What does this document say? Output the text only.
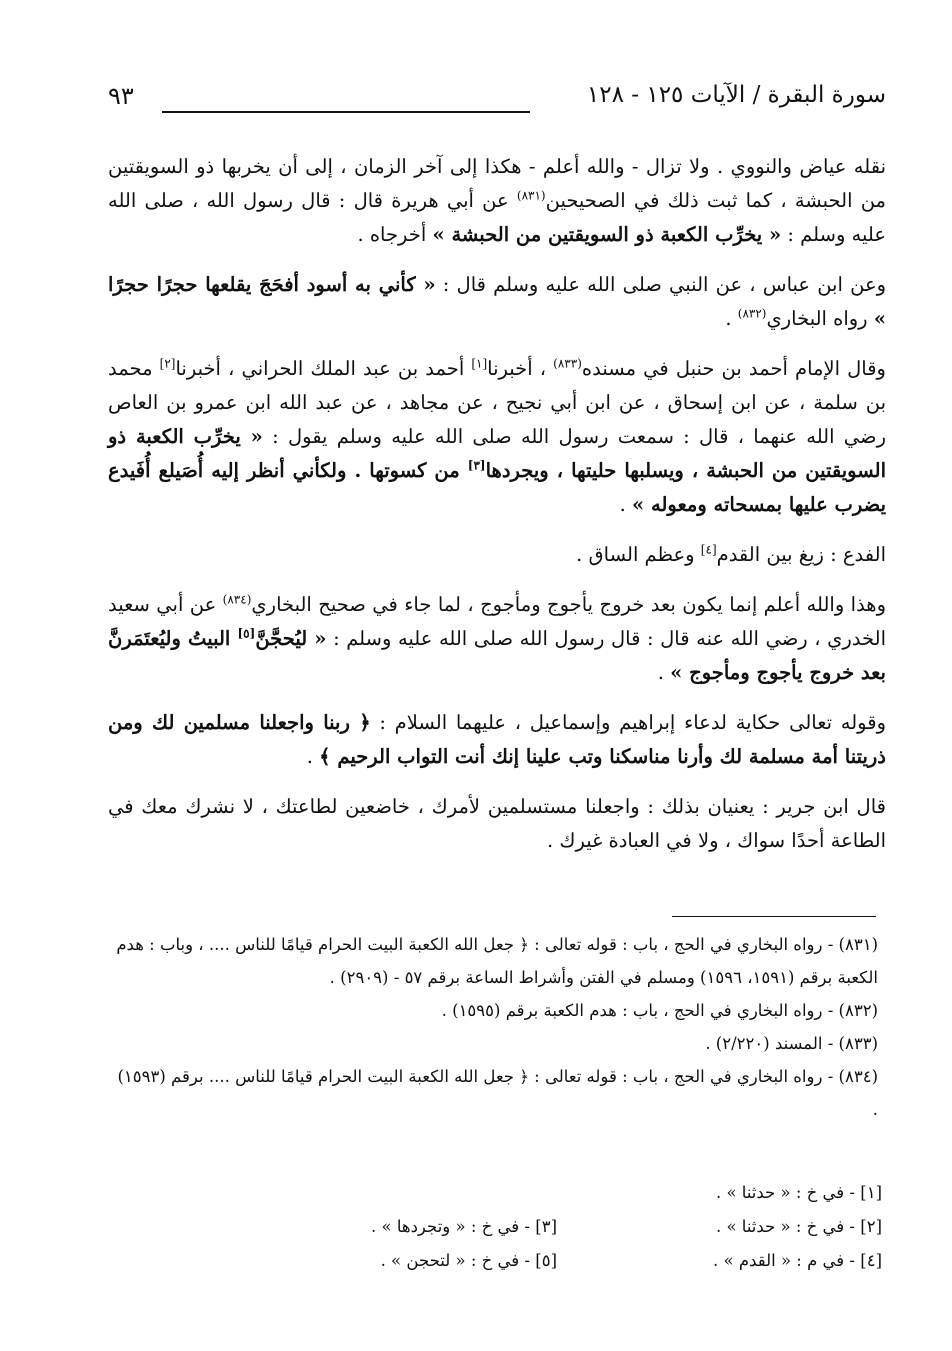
سورة البقرة / الآيات ١٢٥ - ١٢٨
٩٣

نقله عياض والنووي . ولا تزال - والله أعلم - هكذا إلى آخر الزمان ، إلى أن يخربها ذو السويقتين من الحبشة ، كما ثبت ذلك في الصحيحين$^{(٨٣١)}$ عن أبي هريرة قال : قال رسول الله ، صلى الله عليه وسلم : « يخرِّب الكعبة ذو السويقتين من الحبشة » أخرجاه .

وعن ابن عباس ، عن النبي صلى الله عليه وسلم قال : « كأني به أسود أفحَجَ يقلعها حجرًا حجرًا » رواه البخاري$^{(٨٣٢)}$ .

وقال الإمام أحمد بن حنبل في مسنده$^{(٨٣٣)}$ ، أخبرنا[١] أحمد بن عبد الملك الحراني ، أخبرنا[٢] محمد بن سلمة ، عن ابن إسحاق ، عن ابن أبي نجيح ، عن مجاهد ، عن عبد الله ابن عمرو بن العاص رضي الله عنهما ، قال : سمعت رسول الله صلى الله عليه وسلم يقول : « يخرِّب الكعبة ذو السويقتين من الحبشة ، ويسلبها حليتها ، ويجردها[٣] من كسوتها . ولكأني أنظر إليه أُصَيلع أُفَيدع يضرب عليها بمسحاته ومعوله » .

الفدع : زيغ بين القدم[٤] وعظم الساق .

وهذا والله أعلم إنما يكون بعد خروج يأجوج ومأجوج ، لما جاء في صحيح البخاري$^{(٨٣٤)}$ عن أبي سعيد الخدري ، رضي الله عنه قال : قال رسول الله صلى الله عليه وسلم : « ليُحجَّنَّ[٥] البيتُ وليُعتَمَرنَّ بعد خروج يأجوج ومأجوج » .

وقوله تعالى حكاية لدعاء إبراهيم وإسماعيل ، عليهما السلام : ﴿ ربنا واجعلنا مسلمين لك ومن ذريتنا أمة مسلمة لك وأرنا مناسكنا وتب علينا إنك أنت التواب الرحيم ﴾ .

قال ابن جرير : يعنيان بذلك : واجعلنا مستسلمين لأمرك ، خاضعين لطاعتك ، لا نشرك معك في الطاعة أحدًا سواك ، ولا في العبادة غيرك .

(٨٣١) - رواه البخاري في الحج ، باب : قوله تعالى : ﴿ جعل الله الكعبة البيت الحرام قيامًا للناس .... ، وباب : هدم الكعبة برقم (١٥٩١، ١٥٩٦) ومسلم في الفتن وأشراط الساعة برقم ٥٧ - (٢٩٠٩) .

(٨٣٢) - رواه البخاري في الحج ، باب : هدم الكعبة برقم (١٥٩٥) .

(٨٣٣) - المسند (٢/٢٢٠) .

(٨٣٤) - رواه البخاري في الحج ، باب : قوله تعالى : ﴿ جعل الله الكعبة البيت الحرام قيامًا للناس .... برقم (١٥٩٣) .

[١] - في خ : « حدثنا » .
[٢] - في خ : « حدثنا » .
[٣] - في خ : « وتجردها » .
[٤] - في م : « القدم » .
[٥] - في خ : « لتحجن » .
